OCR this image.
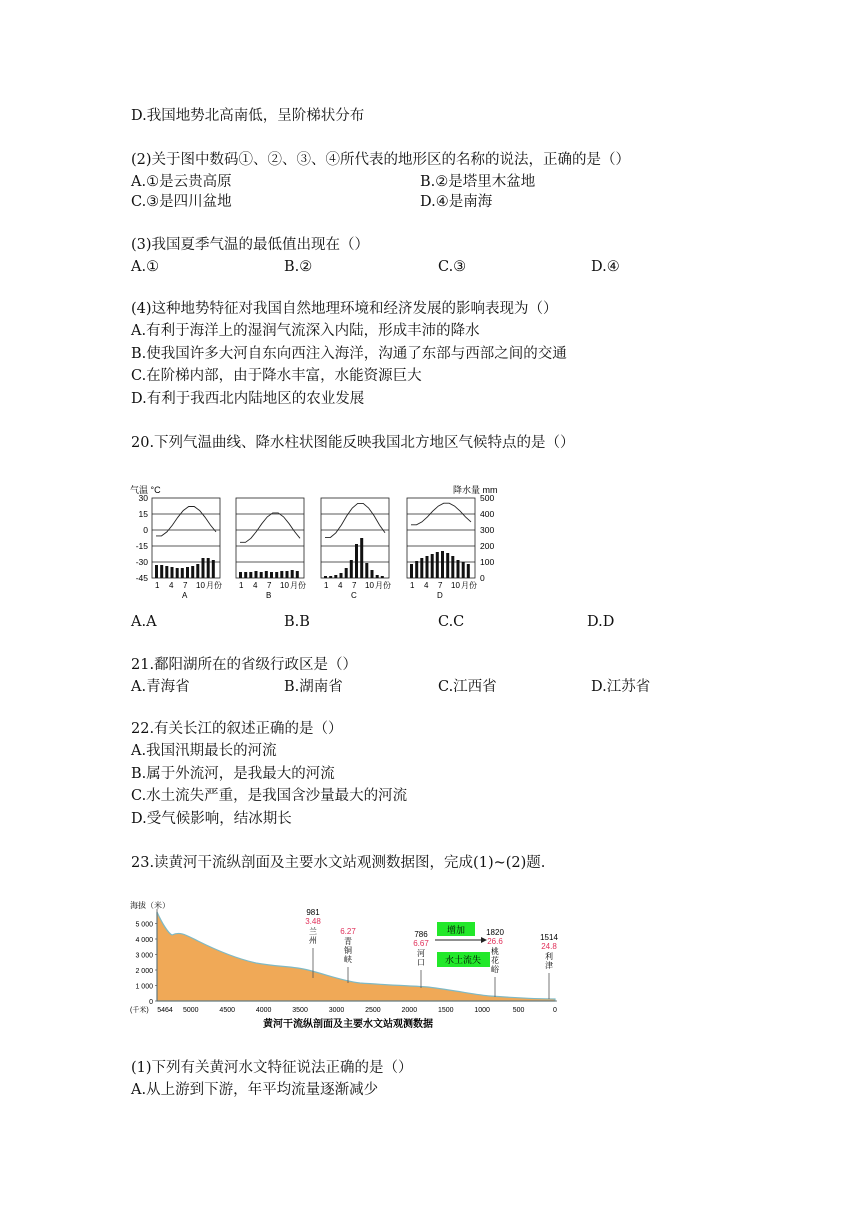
D.我国地势北高南低，呈阶梯状分布
(2)关于图中数码①、②、③、④所代表的地形区的名称的说法，正确的是（）
A.①是云贵高原	B.②是塔里木盆地
C.③是四川盆地	D.④是南海
(3)我国夏季气温的最低值出现在（）
A.①	B.②	C.③	D.④
(4)这种地势特征对我国自然地理环境和经济发展的影响表现为（）
A.有利于海洋上的湿润气流深入内陆，形成丰沛的降水
B.使我国许多大河自东向西注入海洋，沟通了东部与西部之间的交通
C.在阶梯内部，由于降水丰富，水能资源巨大
D.有利于我西北内陆地区的农业发展
20.下列气温曲线、降水柱状图能反映我国北方地区气候特点的是（）
气温 °C	降水量 mm
1 4 7 10 月份
A
1 4 7 10 月份
B
1 4 7 10 月份
C
1 4 7 10 月份
D
30
15
0
-15
-30
-45
500
400
300
200
100
0
A.A	B.B	C.C	D.D
21.鄱阳湖所在的省级行政区是（）
A.青海省	B.湖南省	C.江西省	D.江苏省
22.有关长江的叙述正确的是（）
A.我国汛期最长的河流
B.属于外流河，是我最大的河流
C.水土流失严重，是我国含沙量最大的河流
D.受气候影响，结冰期长
23.读黄河干流纵剖面及主要水文站观测数据图，完成(1)~(2)题.
海拔（米）
5 000
4 000
3 000
2 000
1 000
0
(千米) 5464 5000	4500	4000	3500	3000	2500	2000	1500	1000	500	0
981
3.48
兰
州
6.27
青
铜
峡
786
6.67
河
口
1820
26.6
桃
花
峪
1514
24.8
利
津
增加
水土流失
黄河干流纵剖面及主要水文站观测数据
(1)下列有关黄河水文特征说法正确的是（）
A.从上游到下游，年平均流量逐渐减少
